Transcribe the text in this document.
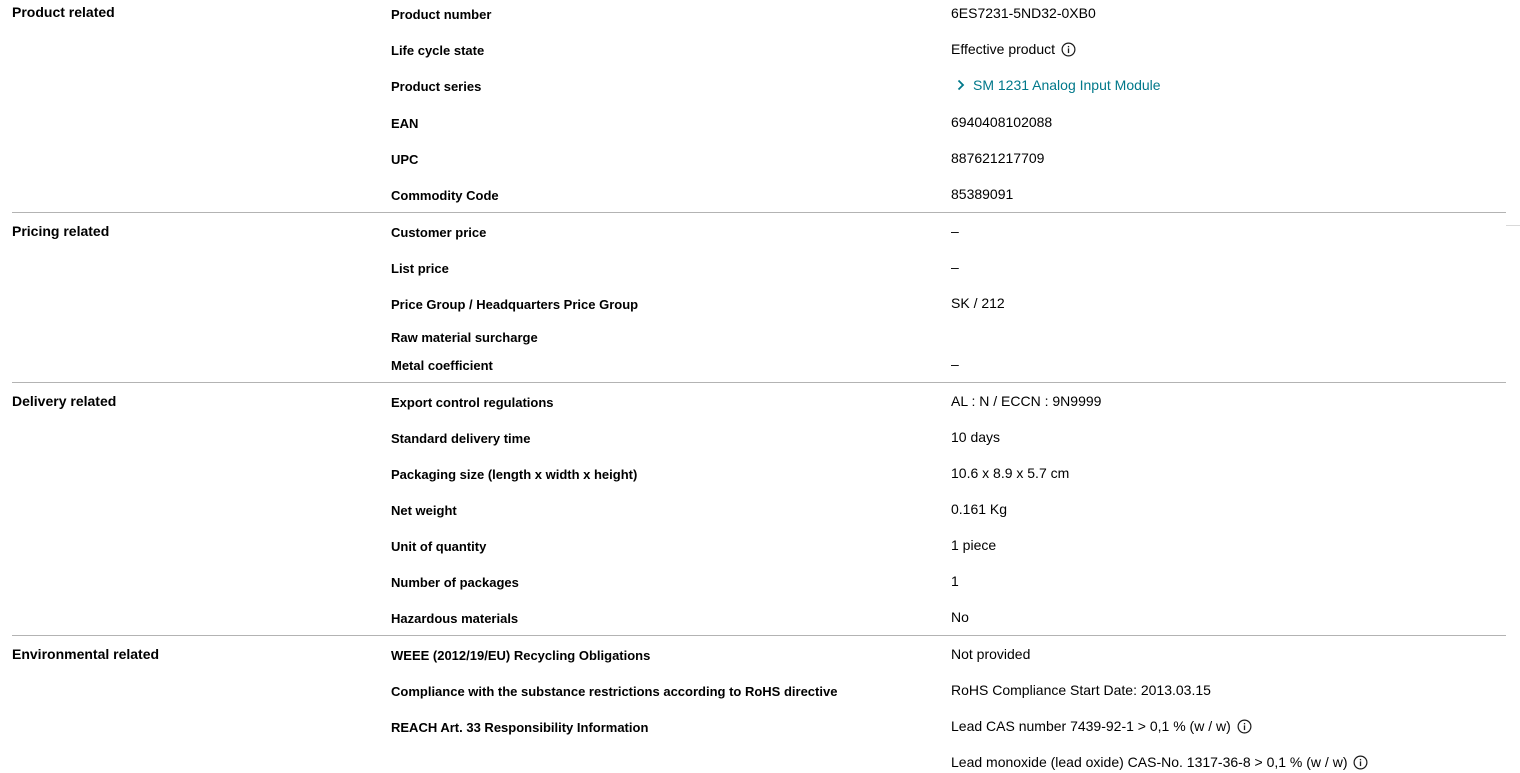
Product related	Product number	6ES7231-5ND32-0XB0
Life cycle state	Effective product
Product series	SM 1231 Analog Input Module
EAN	6940408102088
UPC	887621217709
Commodity Code	85389091
Pricing related	Customer price	–
List price	–
Price Group / Headquarters Price Group	SK / 212
Raw material surcharge
Metal coefficient	–
Delivery related	Export control regulations	AL : N / ECCN : 9N9999
Standard delivery time	10 days
Packaging size (length x width x height)	10.6 x 8.9 x 5.7 cm
Net weight	0.161 Kg
Unit of quantity	1 piece
Number of packages	1
Hazardous materials	No
Environmental related	WEEE (2012/19/EU) Recycling Obligations	Not provided
Compliance with the substance restrictions according to RoHS directive	RoHS Compliance Start Date: 2013.03.15
REACH Art. 33 Responsibility Information	Lead CAS number 7439-92-1 > 0,1 % (w / w)
Lead monoxide (lead oxide) CAS-No. 1317-36-8 > 0,1 % (w / w)
